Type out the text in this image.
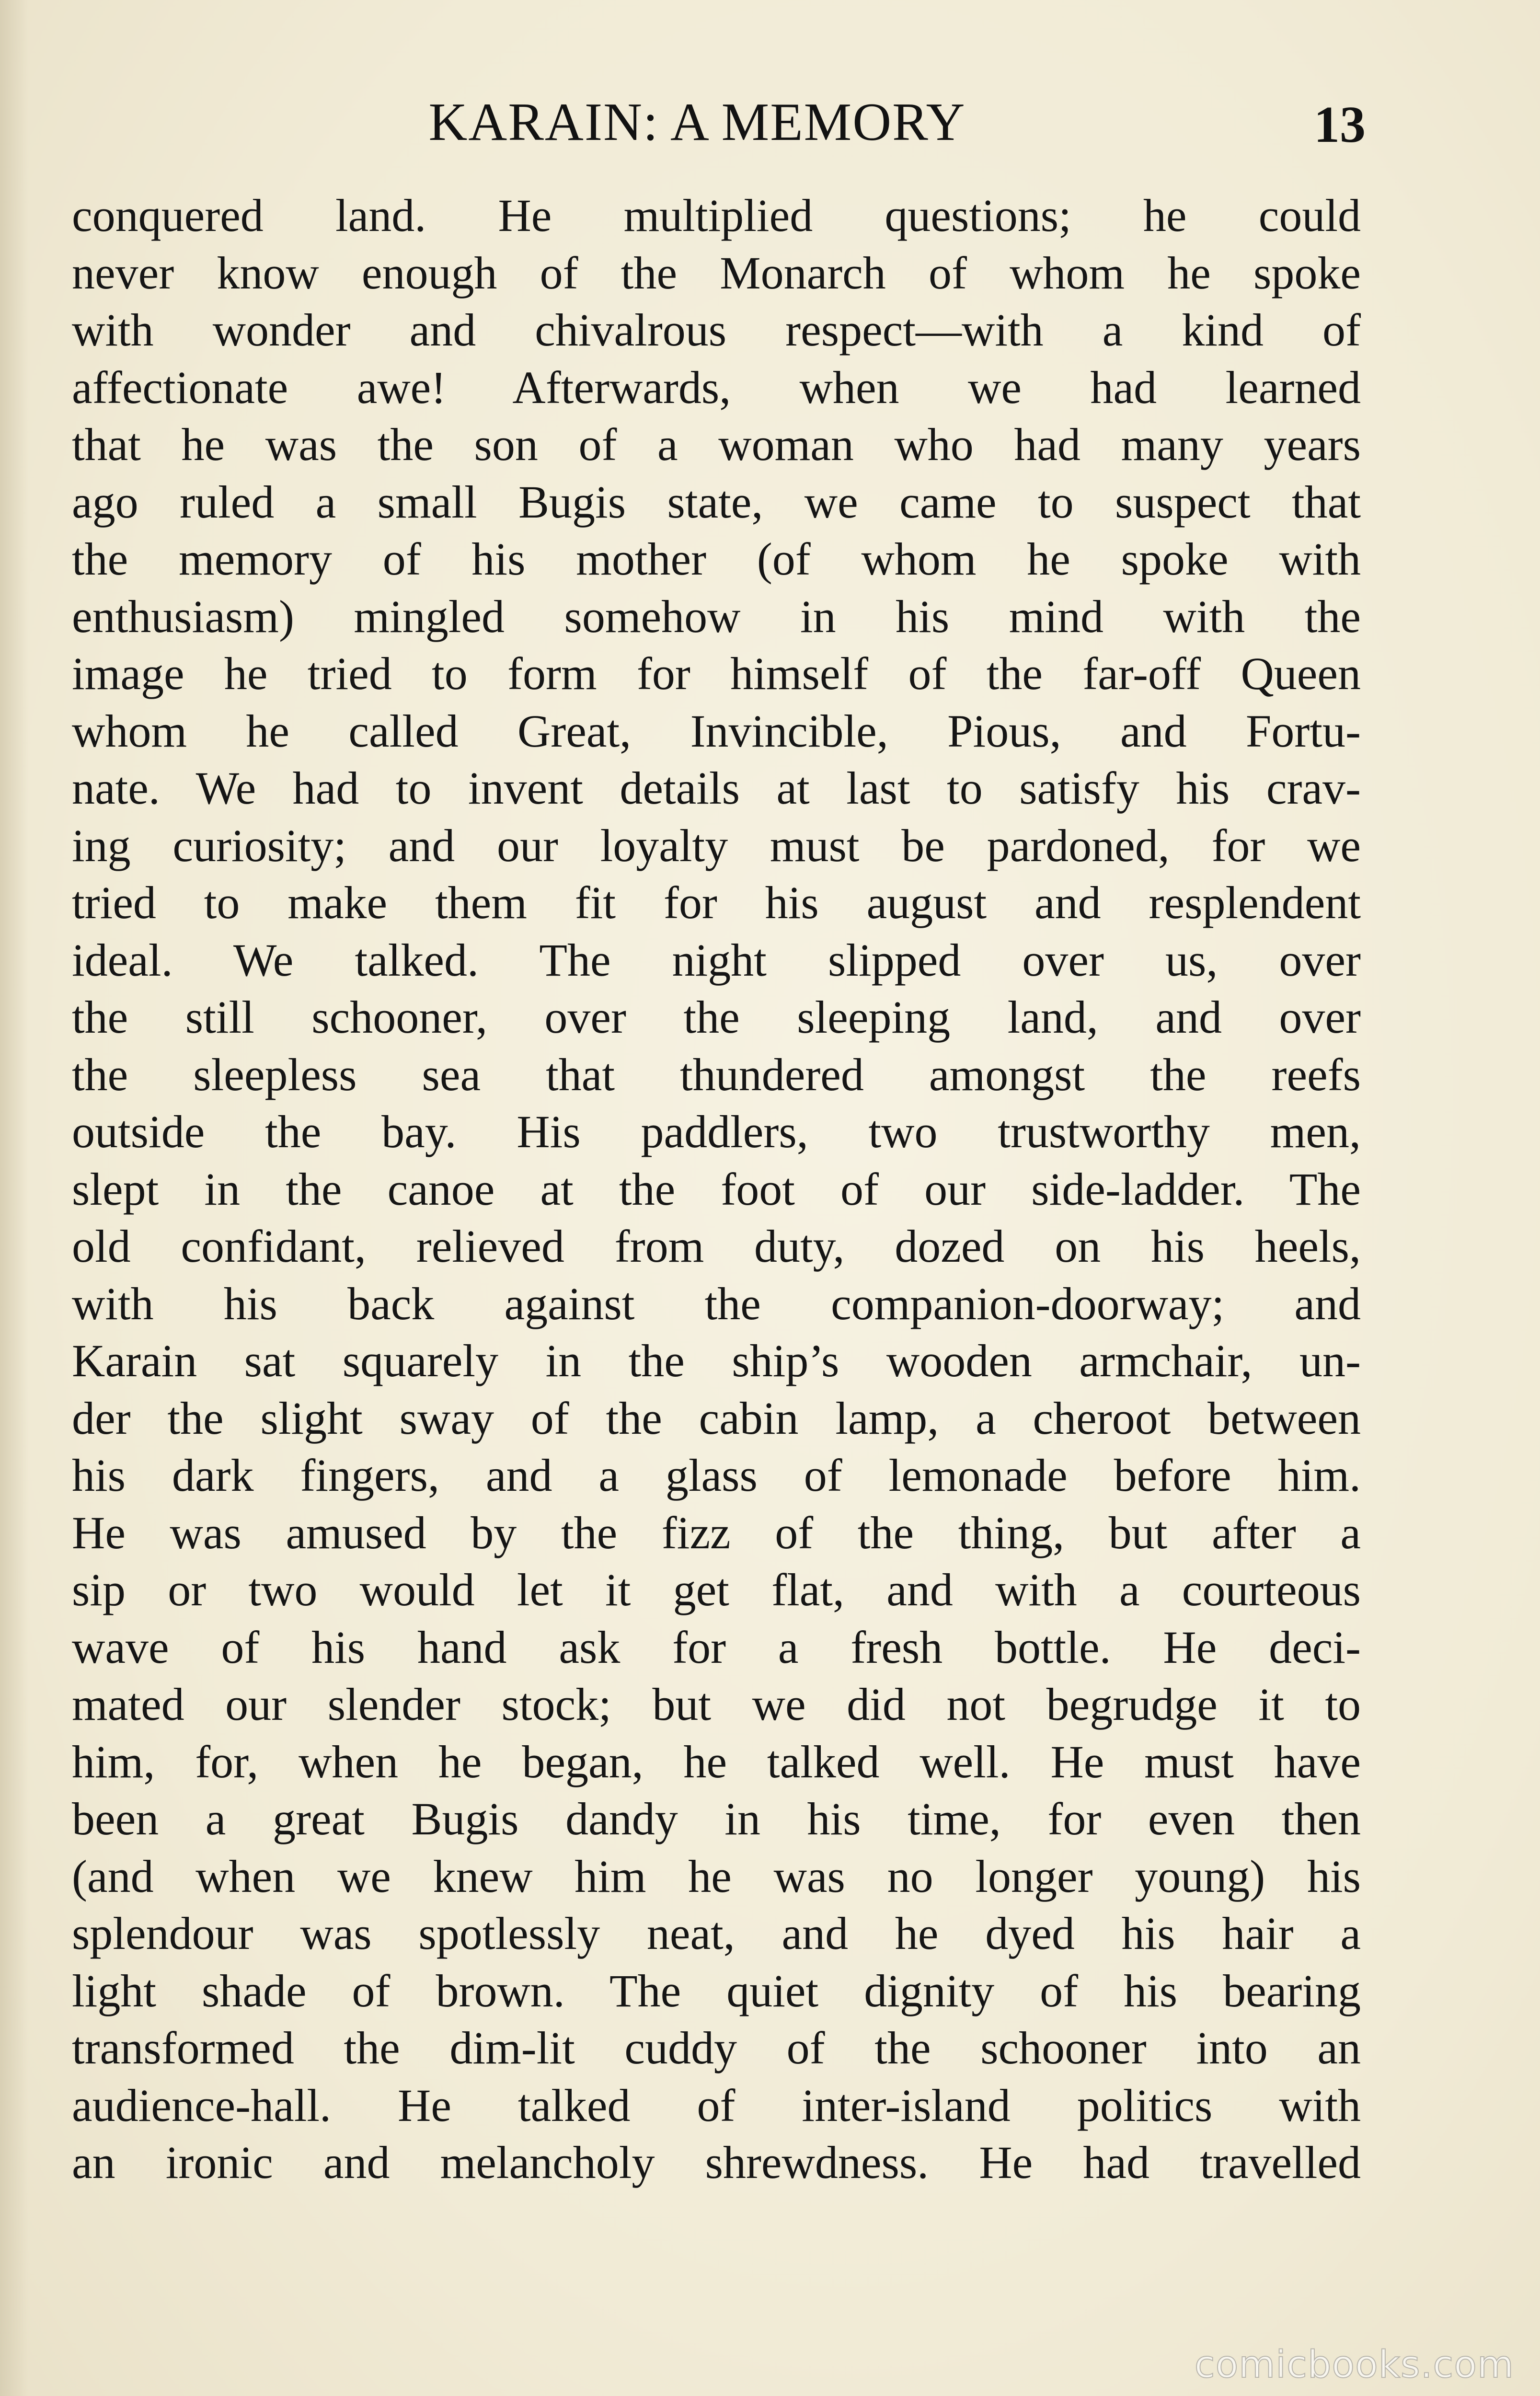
KARAIN: A MEMORY	13
conquered land. He multiplied questions; he could
never know enough of the Monarch of whom he spoke
with wonder and chivalrous respect—with a kind of
affectionate awe! Afterwards, when we had learned
that he was the son of a woman who had many years
ago ruled a small Bugis state, we came to suspect that
the memory of his mother (of whom he spoke with
enthusiasm) mingled somehow in his mind with the
image he tried to form for himself of the far-off Queen
whom he called Great, Invincible, Pious, and Fortu-
nate. We had to invent details at last to satisfy his crav-
ing curiosity; and our loyalty must be pardoned, for we
tried to make them fit for his august and resplendent
ideal. We talked. The night slipped over us, over
the still schooner, over the sleeping land, and over
the sleepless sea that thundered amongst the reefs
outside the bay. His paddlers, two trustworthy men,
slept in the canoe at the foot of our side-ladder. The
old confidant, relieved from duty, dozed on his heels,
with his back against the companion-doorway; and
Karain sat squarely in the ship’s wooden armchair, un-
der the slight sway of the cabin lamp, a cheroot between
his dark fingers, and a glass of lemonade before him.
He was amused by the fizz of the thing, but after a
sip or two would let it get flat, and with a courteous
wave of his hand ask for a fresh bottle. He deci-
mated our slender stock; but we did not begrudge it to
him, for, when he began, he talked well. He must have
been a great Bugis dandy in his time, for even then
(and when we knew him he was no longer young) his
splendour was spotlessly neat, and he dyed his hair a
light shade of brown. The quiet dignity of his bearing
transformed the dim-lit cuddy of the schooner into an
audience-hall. He talked of inter-island politics with
an ironic and melancholy shrewdness. He had travelled
comicbooks.com
